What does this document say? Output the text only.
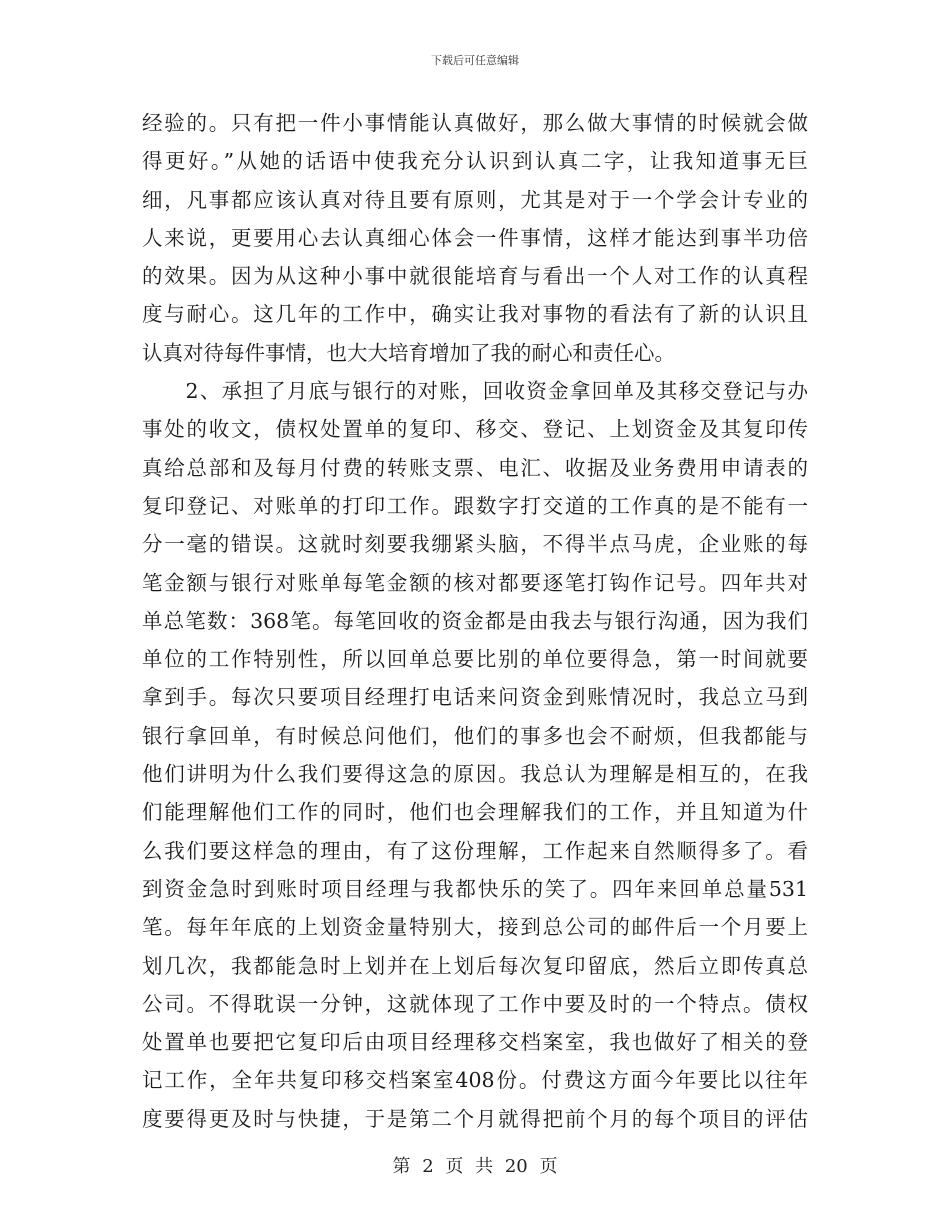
下载后可任意编辑
经验的。只有把一件小事情能认真做好，那么做大事情的时候就会做
得更好。”从她的话语中使我充分认识到认真二字，让我知道事无巨
细，凡事都应该认真对待且要有原则，尤其是对于一个学会计专业的
人来说，更要用心去认真细心体会一件事情，这样才能达到事半功倍
的效果。因为从这种小事中就很能培育与看出一个人对工作的认真程
度与耐心。这几年的工作中，确实让我对事物的看法有了新的认识且
认真对待每件事情，也大大培育增加了我的耐心和责任心。
　　2、承担了月底与银行的对账，回收资金拿回单及其移交登记与办
事处的收文，债权处置单的复印、移交、登记、上划资金及其复印传
真给总部和及每月付费的转账支票、电汇、收据及业务费用申请表的
复印登记、对账单的打印工作。跟数字打交道的工作真的是不能有一
分一毫的错误。这就时刻要我绷紧头脑，不得半点马虎，企业账的每
笔金额与银行对账单每笔金额的核对都要逐笔打钩作记号。四年共对
单总笔数：368笔。每笔回收的资金都是由我去与银行沟通，因为我们
单位的工作特别性，所以回单总要比别的单位要得急，第一时间就要
拿到手。每次只要项目经理打电话来问资金到账情况时，我总立马到
银行拿回单，有时候总问他们，他们的事多也会不耐烦，但我都能与
他们讲明为什么我们要得这急的原因。我总认为理解是相互的，在我
们能理解他们工作的同时，他们也会理解我们的工作，并且知道为什
么我们要这样急的理由，有了这份理解，工作起来自然顺得多了。看
到资金急时到账时项目经理与我都快乐的笑了。四年来回单总量531
笔。每年年底的上划资金量特别大，接到总公司的邮件后一个月要上
划几次，我都能急时上划并在上划后每次复印留底，然后立即传真总
公司。不得耽误一分钟，这就体现了工作中要及时的一个特点。债权
处置单也要把它复印后由项目经理移交档案室，我也做好了相关的登
记工作，全年共复印移交档案室408份。付费这方面今年要比以往年
度要得更及时与快捷，于是第二个月就得把前个月的每个项目的评估
第 2 页 共 20 页
